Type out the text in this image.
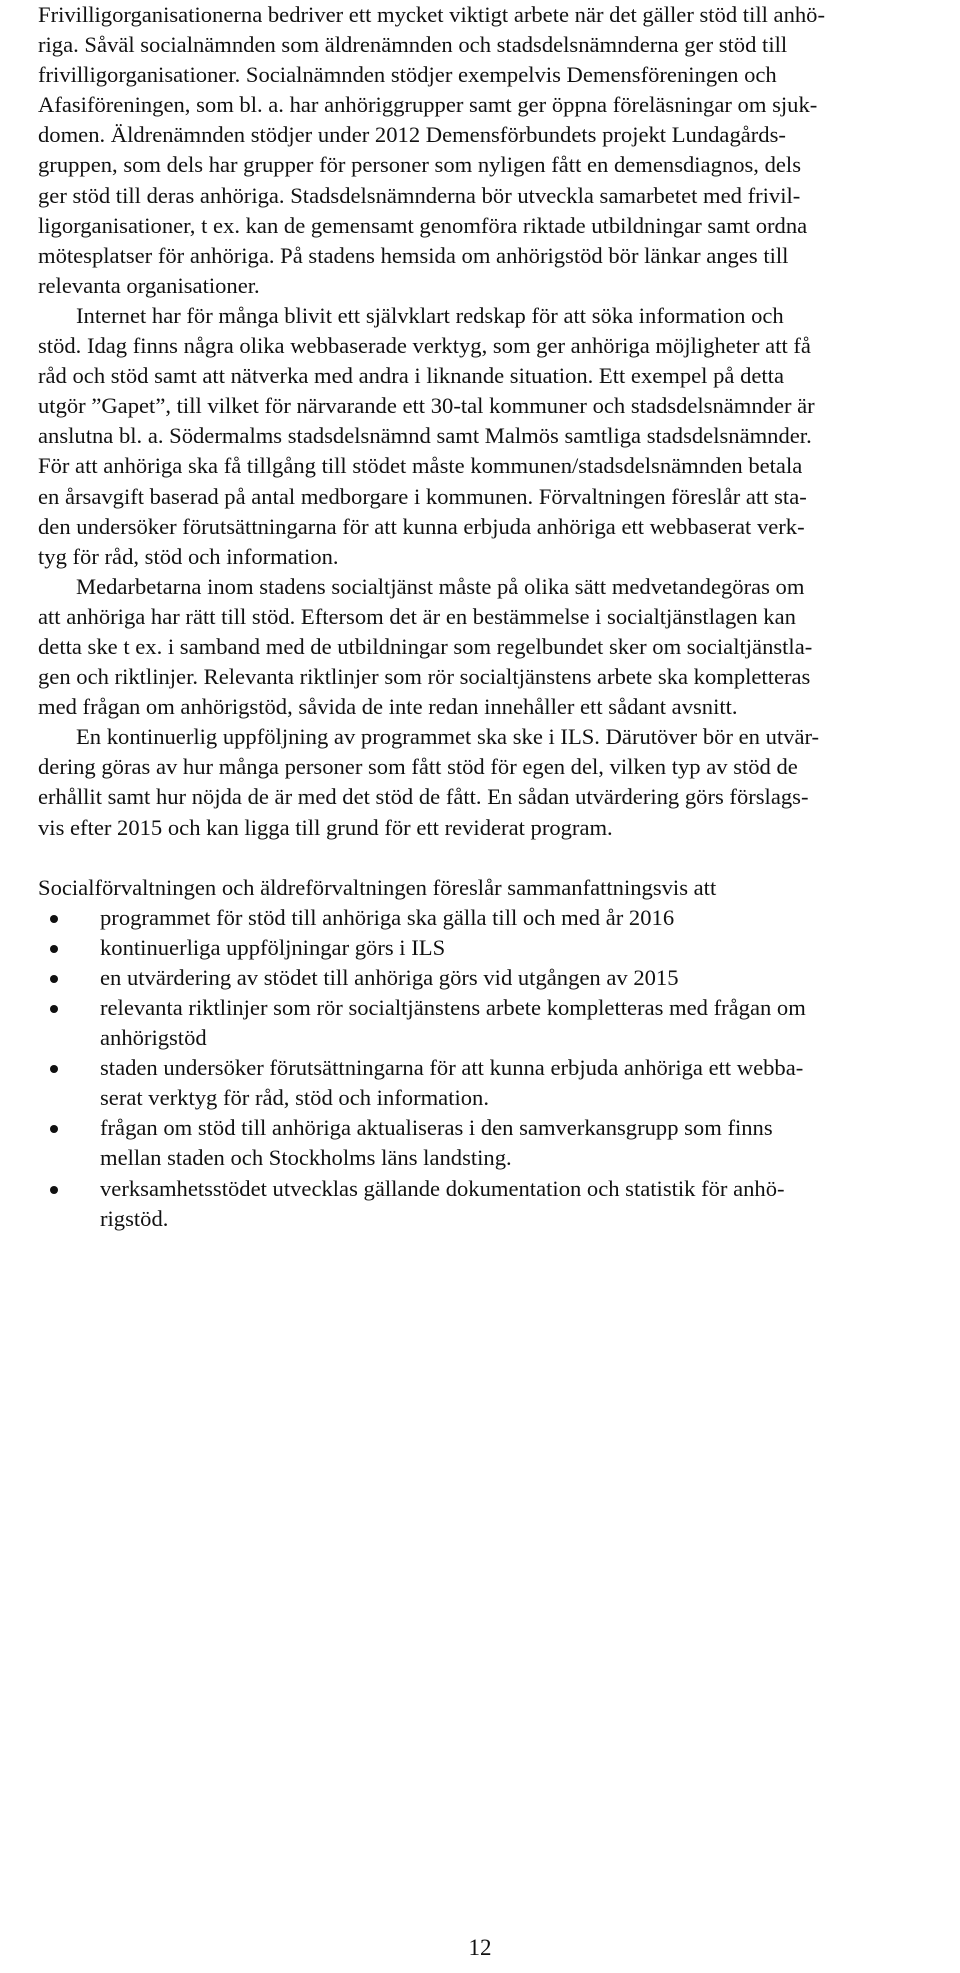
Frivilligorganisationerna bedriver ett mycket viktigt arbete när det gäller stöd till anhö-
riga. Såväl socialnämnden som äldrenämnden och stadsdelsnämnderna ger stöd till
frivilligorganisationer. Socialnämnden stödjer exempelvis Demensföreningen och
Afasiföreningen, som bl. a. har anhöriggrupper samt ger öppna föreläsningar om sjuk-
domen. Äldrenämnden stödjer under 2012 Demensförbundets projekt Lundagårds-
gruppen, som dels har grupper för personer som nyligen fått en demensdiagnos, dels
ger stöd till deras anhöriga. Stadsdelsnämnderna bör utveckla samarbetet med frivil-
ligorganisationer, t ex. kan de gemensamt genomföra riktade utbildningar samt ordna
mötesplatser för anhöriga. På stadens hemsida om anhörigstöd bör länkar anges till
relevanta organisationer.
Internet har för många blivit ett självklart redskap för att söka information och
stöd. Idag finns några olika webbaserade verktyg, som ger anhöriga möjligheter att få
råd och stöd samt att nätverka med andra i liknande situation. Ett exempel på detta
utgör ”Gapet”, till vilket för närvarande ett 30-tal kommuner och stadsdelsnämnder är
anslutna bl. a. Södermalms stadsdelsnämnd samt Malmös samtliga stadsdelsnämnder.
För att anhöriga ska få tillgång till stödet måste kommunen/stadsdelsnämnden betala
en årsavgift baserad på antal medborgare i kommunen. Förvaltningen föreslår att sta-
den undersöker förutsättningarna för att kunna erbjuda anhöriga ett webbaserat verk-
tyg för råd, stöd och information.
Medarbetarna inom stadens socialtjänst måste på olika sätt medvetandegöras om
att anhöriga har rätt till stöd. Eftersom det är en bestämmelse i socialtjänstlagen kan
detta ske t ex. i samband med de utbildningar som regelbundet sker om socialtjänstla-
gen och riktlinjer. Relevanta riktlinjer som rör socialtjänstens arbete ska kompletteras
med frågan om anhörigstöd, såvida de inte redan innehåller ett sådant avsnitt.
En kontinuerlig uppföljning av programmet ska ske i ILS. Därutöver bör en utvär-
dering göras av hur många personer som fått stöd för egen del, vilken typ av stöd de
erhållit samt hur nöjda de är med det stöd de fått. En sådan utvärdering görs förslags-
vis efter 2015 och kan ligga till grund för ett reviderat program.
Socialförvaltningen och äldreförvaltningen föreslår sammanfattningsvis att
programmet för stöd till anhöriga ska gälla till och med år 2016
kontinuerliga uppföljningar görs i ILS
en utvärdering av stödet till anhöriga görs vid utgången av 2015
relevanta riktlinjer som rör socialtjänstens arbete kompletteras med frågan om
anhörigstöd
staden undersöker förutsättningarna för att kunna erbjuda anhöriga ett webba-
serat verktyg för råd, stöd och information.
frågan om stöd till anhöriga aktualiseras i den samverkansgrupp som finns
mellan staden och Stockholms läns landsting.
verksamhetsstödet utvecklas gällande dokumentation och statistik för anhö-
rigstöd.
12
